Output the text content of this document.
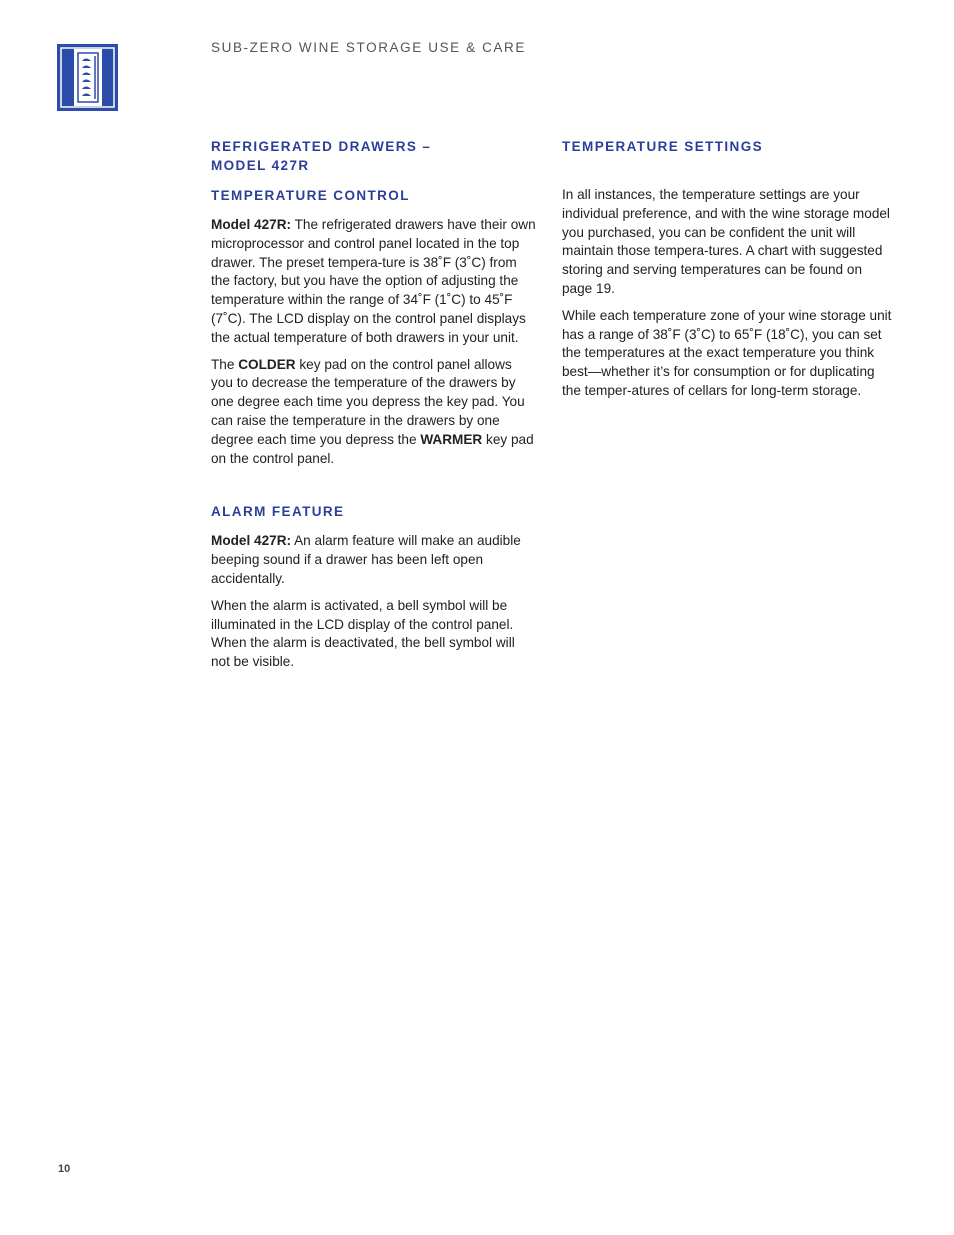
SUB-ZERO WINE STORAGE USE & CARE
REFRIGERATED DRAWERS –
MODEL 427R
TEMPERATURE CONTROL

Model 427R: The refrigerated drawers have their own microprocessor and control panel located in the top drawer. The preset tempera-ture is 38˚F (3˚C) from the factory, but you have the option of adjusting the temperature within the range of 34˚F (1˚C) to 45˚F (7˚C). The LCD display on the control panel displays the actual temperature of both drawers in your unit.

The COLDER key pad on the control panel allows you to decrease the temperature of the drawers by one degree each time you depress the key pad. You can raise the temperature in the drawers by one degree each time you depress the WARMER key pad on the control panel.

ALARM FEATURE

Model 427R: An alarm feature will make an audible beeping sound if a drawer has been left open accidentally.

When the alarm is activated, a bell symbol will be illuminated in the LCD display of the control panel. When the alarm is deactivated, the bell symbol will not be visible.

TEMPERATURE SETTINGS

In all instances, the temperature settings are your individual preference, and with the wine storage model you purchased, you can be confident the unit will maintain those tempera-tures. A chart with suggested storing and serving temperatures can be found on page 19.

While each temperature zone of your wine storage unit has a range of 38˚F (3˚C) to 65˚F (18˚C), you can set the temperatures at the exact temperature you think best—whether it’s for consumption or for duplicating the temper-atures of cellars for long-term storage.

10
